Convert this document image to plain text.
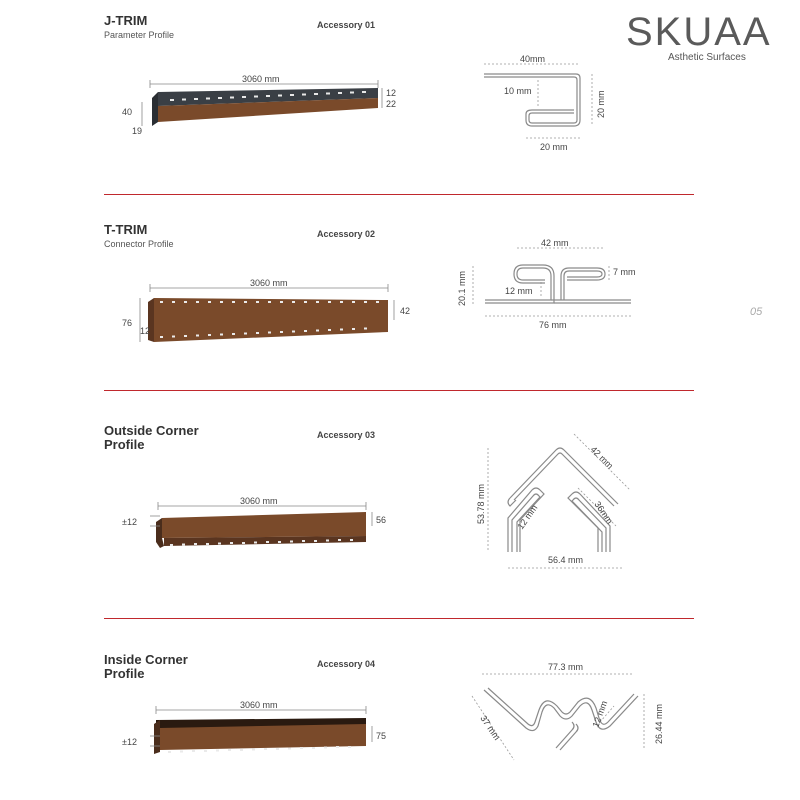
SKUAA
Asthetic Surfaces
05
J-TRIM
Parameter Profile
Accessory 01
3060 mm
40
19
12
22
40mm
10 mm	20 mm
20 mm
T-TRIM
Connector Profile
Accessory 02
3060 mm
76
12
42
42 mm
7 mm
20.1 mm	12 mm
76 mm
Outside Corner
Profile
Accessory 03
3060 mm
±12	56	53.78 mm
42 mm
12 mm	36mm
56.4 mm
Inside Corner
Profile
Accessory 04
3060 mm
±12
75
77.3 mm
12 mm	26.44 mm
37 mm
